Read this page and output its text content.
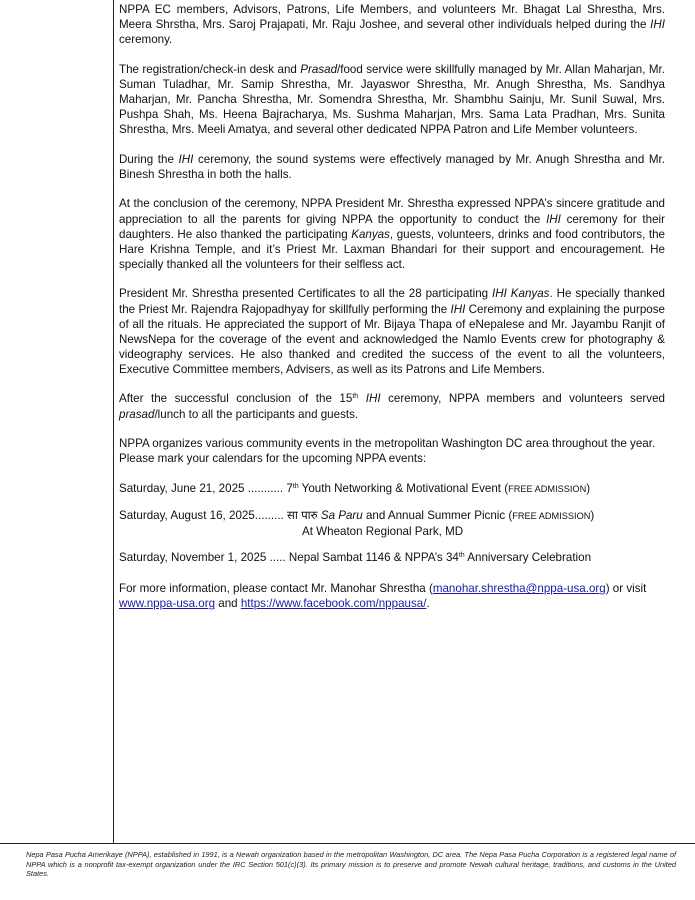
NPPA EC members, Advisors, Patrons, Life Members, and volunteers Mr. Bhagat Lal Shrestha, Mrs. Meera Shrstha, Mrs. Saroj Prajapati, Mr. Raju Joshee, and several other individuals helped during the IHI ceremony.

The registration/check-in desk and Prasad/food service were skillfully managed by Mr. Allan Maharjan, Mr. Suman Tuladhar, Mr. Samip Shrestha, Mr. Jayaswor Shrestha, Mr. Anugh Shrestha, Ms. Sandhya Maharjan, Mr. Pancha Shrestha, Mr. Somendra Shrestha, Mr. Shambhu Sainju, Mr. Sunil Suwal, Mrs. Pushpa Shah, Ms. Heena Bajracharya, Ms. Sushma Maharjan, Mrs. Sama Lata Pradhan, Mrs. Sunita Shrestha, Mrs. Meeli Amatya, and several other dedicated NPPA Patron and Life Member volunteers.

During the IHI ceremony, the sound systems were effectively managed by Mr. Anugh Shrestha and Mr. Binesh Shrestha in both the halls.

At the conclusion of the ceremony, NPPA President Mr. Shrestha expressed NPPA’s sincere gratitude and appreciation to all the parents for giving NPPA the opportunity to conduct the IHI ceremony for their daughters. He also thanked the participating Kanyas, guests, volunteers, drinks and food contributors, the Hare Krishna Temple, and it’s Priest Mr. Laxman Bhandari for their support and encouragement. He specially thanked all the volunteers for their selfless act.

President Mr. Shrestha presented Certificates to all the 28 participating IHI Kanyas. He specially thanked the Priest Mr. Rajendra Rajopadhyay for skillfully performing the IHI Ceremony and explaining the purpose of all the rituals. He appreciated the support of Mr. Bijaya Thapa of eNepalese and Mr. Jayambu Ranjit of NewsNepa for the coverage of the event and acknowledged the Namlo Events crew for photography & videography services. He also thanked and credited the success of the event to all the volunteers, Executive Committee members, Advisers, as well as its Patrons and Life Members.

After the successful conclusion of the 15th IHI ceremony, NPPA members and volunteers served prasad/lunch to all the participants and guests.

NPPA organizes various community events in the metropolitan Washington DC area throughout the year. Please mark your calendars for the upcoming NPPA events:

Saturday, June 21, 2025 ........... 7th Youth Networking & Motivational Event (FREE ADMISSION)
Saturday, August 16, 2025......... सा पारु Sa Paru and Annual Summer Picnic (FREE ADMISSION)
At Wheaton Regional Park, MD
Saturday, November 1, 2025 ..... Nepal Sambat 1146 & NPPA’s 34th Anniversary Celebration

For more information, please contact Mr. Manohar Shrestha (manohar.shrestha@nppa-usa.org) or visit www.nppa-usa.org and https://www.facebook.com/nppausa/.

Nepa Pasa Pucha Amerikaye (NPPA), established in 1991, is a Newah organization based in the metropolitan Washington, DC area. The Nepa Pasa Pucha Corporation is a registered legal name of NPPA which is a nonprofit tax-exempt organization under the IRC Section 501(c)(3). Its primary mission is to preserve and promote Newah cultural heritage, traditions, and customs in the United States.
